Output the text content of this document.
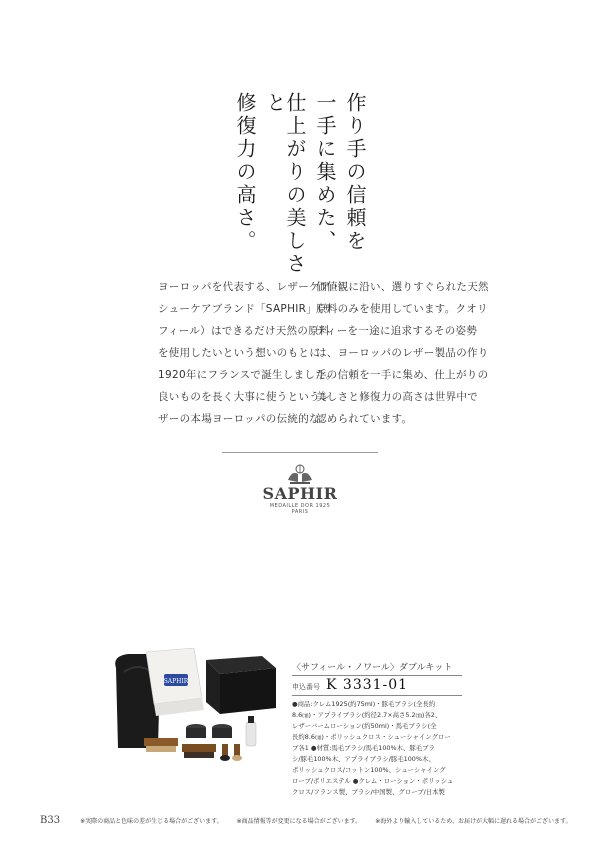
作り手の信頼を
一手に集めた、
仕上がりの美しさと
修復力の高さ。
ヨーロッパを代表する、レザーケア・
シューケアブランド「SAPHIR」（サ
フィール）はできるだけ天然の原料
を使用したいという想いのもとに
1920年にフランスで誕生しました。
良いものを長く大事に使うというレ
ザーの本場ヨーロッパの伝統的な
価値観に沿い、選りすぐられた天然
原料のみを使用しています。クオリ
ティーを一途に追求するその姿勢
は、ヨーロッパのレザー製品の作り
手の信頼を一手に集め、仕上がりの
美しさと修復力の高さは世界中で
認められています。
SAPHIR
MEDAILLE DOR 1925
PARIS
SAPHIR
〈サフィール・ノワール〉ダブルキット
申込番号 K 3331-01
●商品:クレム1925(約75ml)・豚毛ブラシ(全長約
8.6㎝)・アプライブラシ(約径2.7×高さ5.2㎝)各2、
レザーバームローション(約50ml)・馬毛ブラシ(全
長約8.6㎝)・ポリッシュクロス・シューシャイングロー
ブ各1 ●材質:馬毛ブラシ/馬毛100%木、豚毛ブラ
シ/豚毛100%木、アプライブラシ/豚毛100%木、
ポリッシュクロス/コットン100%、シューシャイング
ローブ/ポリエステル ●クレム・ローション・ポリッシュ
クロス/フランス製、ブラシ/中国製、グローブ/日本製
B33	※実際の商品と色味の差が生じる場合がございます。 ※商品情報等が変更になる場合がございます。 ※海外より輸入しているため、お届けが大幅に遅れる場合がございます。
